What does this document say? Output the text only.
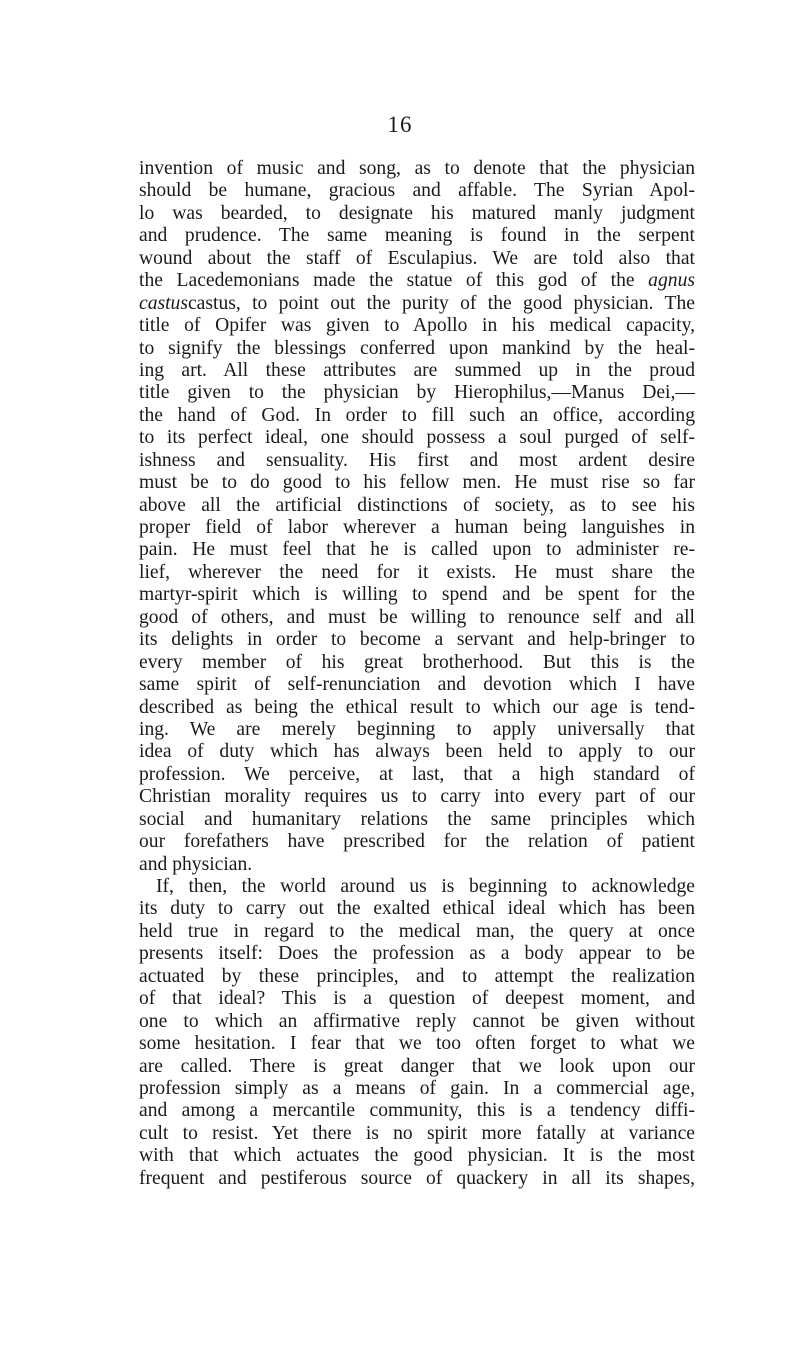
16
invention of music and song, as to denote that the physician
should be humane, gracious and affable. The Syrian Apol-
lo was bearded, to designate his matured manly judgment
and prudence. The same meaning is found in the serpent
wound about the staff of Esculapius. We are told also that
the Lacedemonians made the statue of this god of the agnus
castuscastus, to point out the purity of the good physician. The
title of Opifer was given to Apollo in his medical capacity,
to signify the blessings conferred upon mankind by the heal-
ing art. All these attributes are summed up in the proud
title given to the physician by Hierophilus,—Manus Dei,—
the hand of God. In order to fill such an office, according
to its perfect ideal, one should possess a soul purged of self-
ishness and sensuality. His first and most ardent desire
must be to do good to his fellow men. He must rise so far
above all the artificial distinctions of society, as to see his
proper field of labor wherever a human being languishes in
pain. He must feel that he is called upon to administer re-
lief, wherever the need for it exists. He must share the
martyr-spirit which is willing to spend and be spent for the
good of others, and must be willing to renounce self and all
its delights in order to become a servant and help-bringer to
every member of his great brotherhood. But this is the
same spirit of self-renunciation and devotion which I have
described as being the ethical result to which our age is tend-
ing. We are merely beginning to apply universally that
idea of duty which has always been held to apply to our
profession. We perceive, at last, that a high standard of
Christian morality requires us to carry into every part of our
social and humanitary relations the same principles which
our forefathers have prescribed for the relation of patient
and physician.
If, then, the world around us is beginning to acknowledge
its duty to carry out the exalted ethical ideal which has been
held true in regard to the medical man, the query at once
presents itself: Does the profession as a body appear to be
actuated by these principles, and to attempt the realization
of that ideal? This is a question of deepest moment, and
one to which an affirmative reply cannot be given without
some hesitation. I fear that we too often forget to what we
are called. There is great danger that we look upon our
profession simply as a means of gain. In a commercial age,
and among a mercantile community, this is a tendency diffi-
cult to resist. Yet there is no spirit more fatally at variance
with that which actuates the good physician. It is the most
frequent and pestiferous source of quackery in all its shapes,
